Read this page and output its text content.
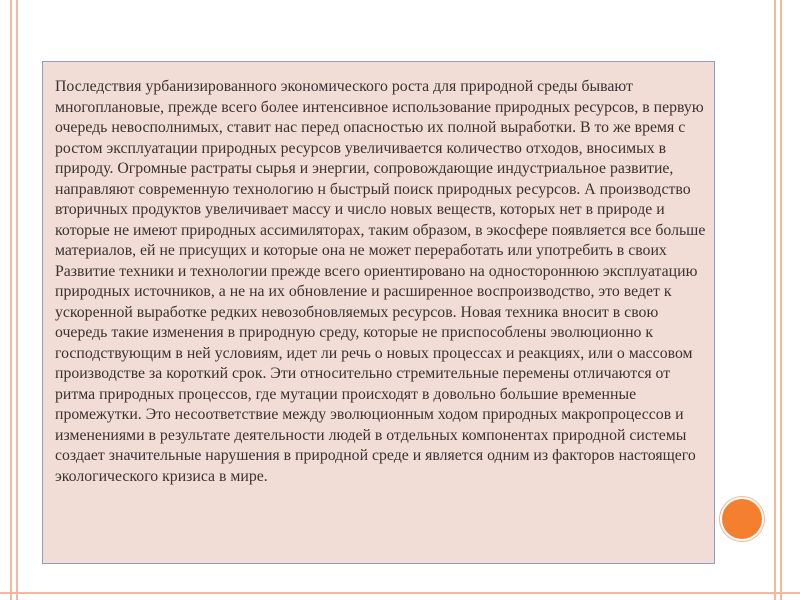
Последствия урбанизированного экономического роста для природной среды бывают многоплановые, прежде всего более интенсивное использование природных ресурсов, в первую очередь невосполнимых, ставит нас перед опасностью их полной выработки. В то же время с ростом эксплуатации природных ресурсов увеличивается количество отходов, вносимых в природу. Огромные растраты сырья и энергии, сопровождающие индустриальное развитие, направляют современную технологию н быстрый поиск природных ресурсов. А производство вторичных продуктов увеличивает массу и число новых веществ, которых нет в природе и которые не имеют природных ассимиляторах, таким образом, в экосфере появляется все больше материалов, ей не присущих и которые она не может переработать или употребить в своих Развитие техники и технологии прежде всего ориентировано на одностороннюю эксплуатацию природных источников, а не на их обновление и расширенное воспроизводство, это ведет к ускоренной выработке редких невозобновляемых ресурсов. Новая техника вносит в свою очередь такие изменения в природную среду, которые не приспособлены эволюционно к господствующим в ней условиям, идет ли речь о новых процессах и реакциях, или о массовом производстве за короткий срок. Эти относительно стремительные перемены отличаются от ритма природных процессов, где мутации происходят в довольно большие временные промежутки. Это несоответствие между эволюционным ходом природных макропроцессов и изменениями в результате деятельности людей в отдельных компонентах природной системы создает значительные нарушения в природной среде и является одним из факторов настоящего экологического кризиса в мире.
